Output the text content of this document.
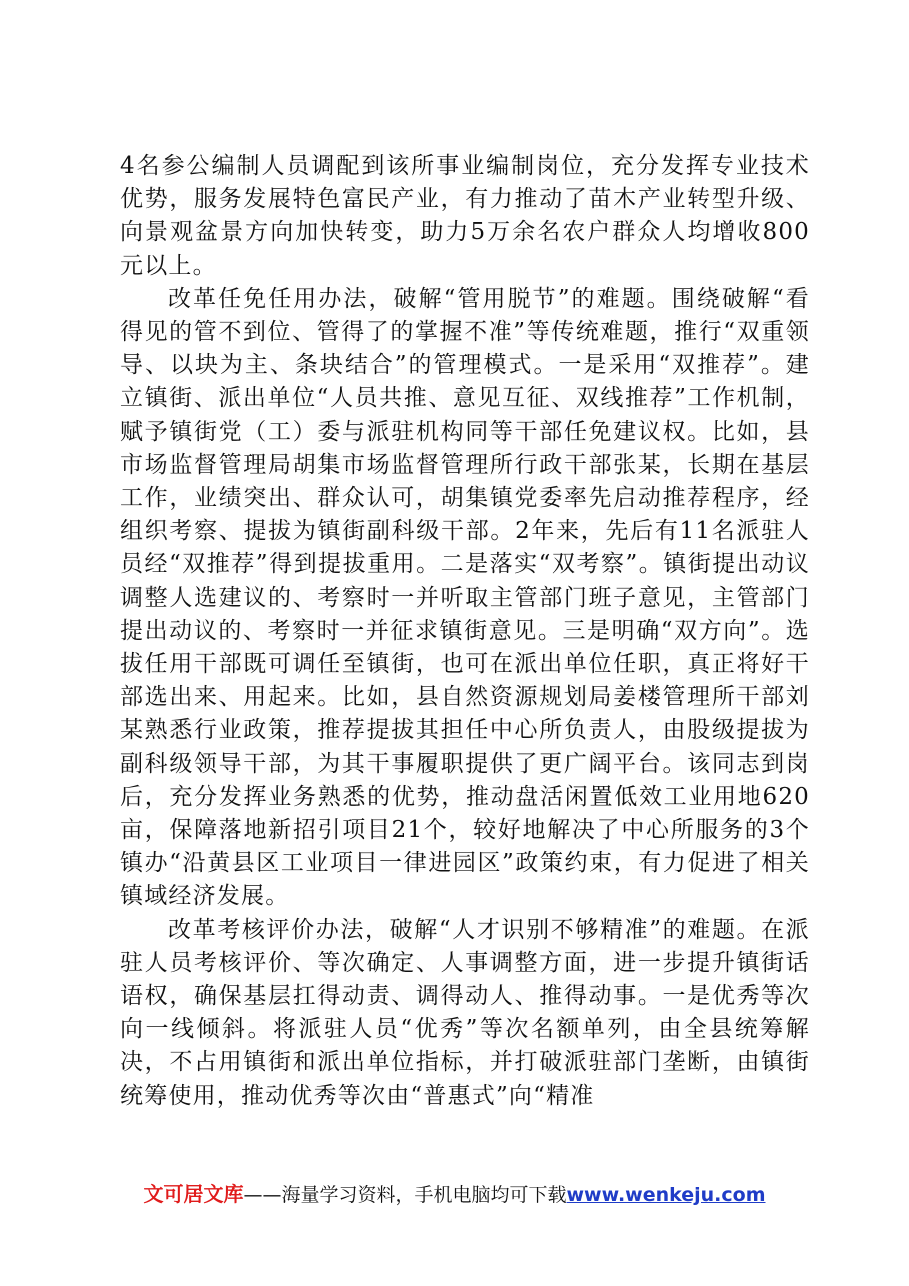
4名参公编制人员调配到该所事业编制岗位，充分发挥专业技术优势，服务发展特色富民产业，有力推动了苗木产业转型升级、向景观盆景方向加快转变，助力5万余名农户群众人均增收800元以上。

改革任免任用办法，破解“管用脱节”的难题。围绕破解“看得见的管不到位、管得了的掌握不准”等传统难题，推行“双重领导、以块为主、条块结合”的管理模式。一是采用“双推荐”。建立镇街、派出单位“人员共推、意见互征、双线推荐”工作机制，赋予镇街党（工）委与派驻机构同等干部任免建议权。比如，县市场监督管理局胡集市场监督管理所行政干部张某，长期在基层工作，业绩突出、群众认可，胡集镇党委率先启动推荐程序，经组织考察、提拔为镇街副科级干部。2年来，先后有11名派驻人员经“双推荐”得到提拔重用。二是落实“双考察”。镇街提出动议调整人选建议的、考察时一并听取主管部门班子意见，主管部门提出动议的、考察时一并征求镇街意见。三是明确“双方向”。选拔任用干部既可调任至镇街，也可在派出单位任职，真正将好干部选出来、用起来。比如，县自然资源规划局姜楼管理所干部刘某熟悉行业政策，推荐提拔其担任中心所负责人，由股级提拔为副科级领导干部，为其干事履职提供了更广阔平台。该同志到岗后，充分发挥业务熟悉的优势，推动盘活闲置低效工业用地620亩，保障落地新招引项目21个，较好地解决了中心所服务的3个镇办“沿黄县区工业项目一律进园区”政策约束，有力促进了相关镇域经济发展。

改革考核评价办法，破解“人才识别不够精准”的难题。在派驻人员考核评价、等次确定、人事调整方面，进一步提升镇街话语权，确保基层扛得动责、调得动人、推得动事。一是优秀等次向一线倾斜。将派驻人员“优秀”等次名额单列，由全县统筹解决，不占用镇街和派出单位指标，并打破派驻部门垄断，由镇街统筹使用，推动优秀等次由“普惠式”向“精准

文可居文库——海量学习资料，手机电脑均可下载www.wenkeju.com
